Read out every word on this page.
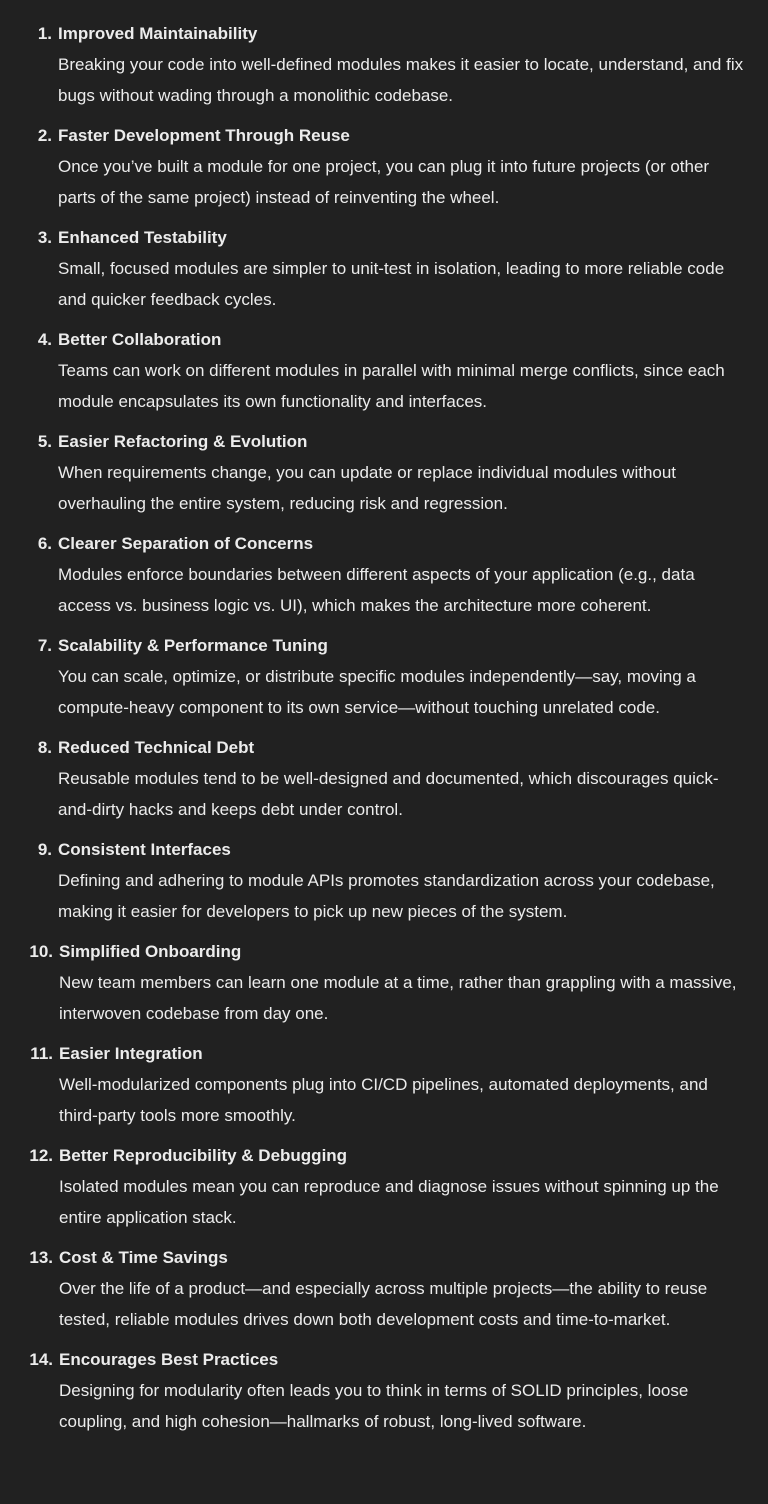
1. Improved Maintainability
Breaking your code into well-defined modules makes it easier to locate, understand, and fix bugs without wading through a monolithic codebase.
2. Faster Development Through Reuse
Once you’ve built a module for one project, you can plug it into future projects (or other parts of the same project) instead of reinventing the wheel.
3. Enhanced Testability
Small, focused modules are simpler to unit-test in isolation, leading to more reliable code and quicker feedback cycles.
4. Better Collaboration
Teams can work on different modules in parallel with minimal merge conflicts, since each module encapsulates its own functionality and interfaces.
5. Easier Refactoring & Evolution
When requirements change, you can update or replace individual modules without overhauling the entire system, reducing risk and regression.
6. Clearer Separation of Concerns
Modules enforce boundaries between different aspects of your application (e.g., data access vs. business logic vs. UI), which makes the architecture more coherent.
7. Scalability & Performance Tuning
You can scale, optimize, or distribute specific modules independently—say, moving a compute-heavy component to its own service—without touching unrelated code.
8. Reduced Technical Debt
Reusable modules tend to be well-designed and documented, which discourages quick-and-dirty hacks and keeps debt under control.
9. Consistent Interfaces
Defining and adhering to module APIs promotes standardization across your codebase, making it easier for developers to pick up new pieces of the system.
10. Simplified Onboarding
New team members can learn one module at a time, rather than grappling with a massive, interwoven codebase from day one.
11. Easier Integration
Well-modularized components plug into CI/CD pipelines, automated deployments, and third-party tools more smoothly.
12. Better Reproducibility & Debugging
Isolated modules mean you can reproduce and diagnose issues without spinning up the entire application stack.
13. Cost & Time Savings
Over the life of a product—and especially across multiple projects—the ability to reuse tested, reliable modules drives down both development costs and time-to-market.
14. Encourages Best Practices
Designing for modularity often leads you to think in terms of SOLID principles, loose coupling, and high cohesion—hallmarks of robust, long-lived software.
